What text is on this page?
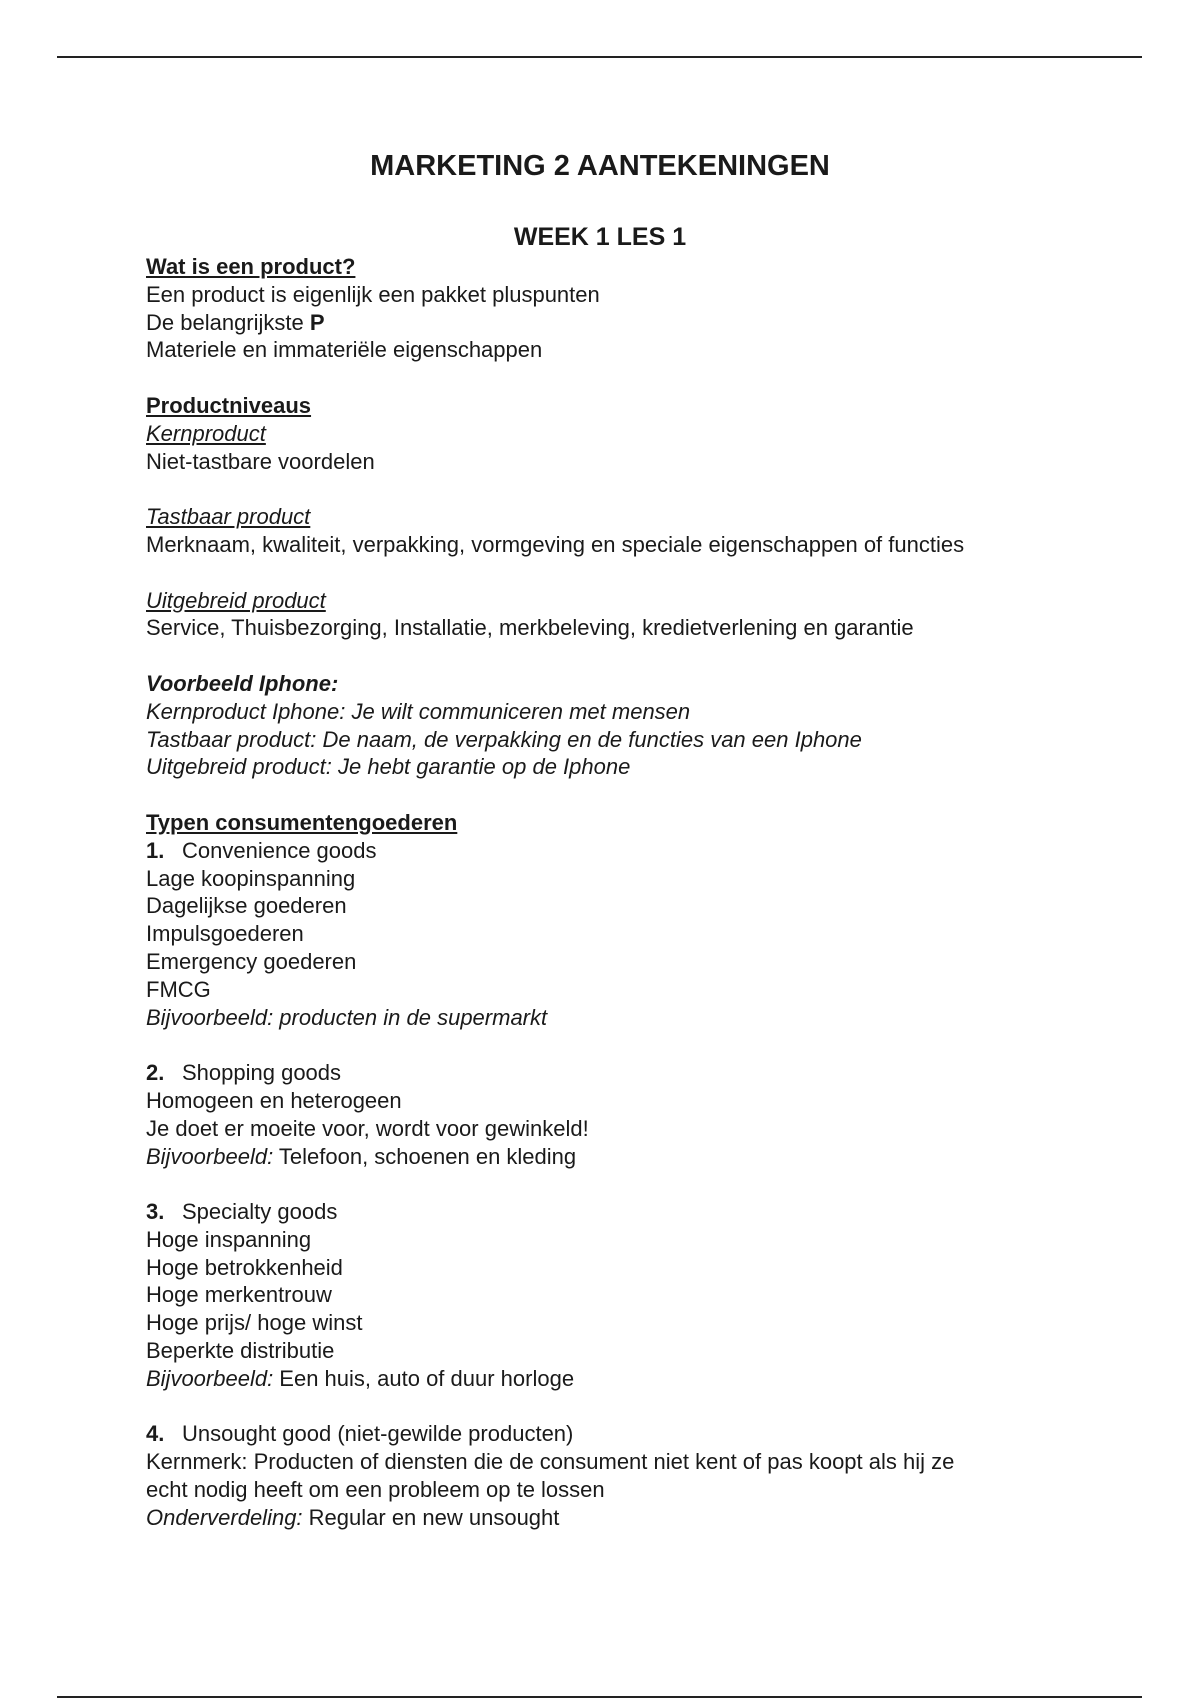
MARKETING 2 AANTEKENINGEN
WEEK 1 LES 1
Wat is een product?
Een product is eigenlijk een pakket pluspunten
De belangrijkste P
Materiele en immateriële eigenschappen
Productniveaus
Kernproduct
Niet-tastbare voordelen
Tastbaar product
Merknaam, kwaliteit, verpakking, vormgeving en speciale eigenschappen of functies
Uitgebreid product
Service, Thuisbezorging, Installatie, merkbeleving, kredietverlening en garantie
Voorbeeld Iphone:
Kernproduct Iphone: Je wilt communiceren met mensen
Tastbaar product: De naam, de verpakking en de functies van een Iphone
Uitgebreid product: Je hebt garantie op de Iphone
Typen consumentengoederen
1. Convenience goods
Lage koopinspanning
Dagelijkse goederen
Impulsgoederen
Emergency goederen
FMCG
Bijvoorbeeld: producten in de supermarkt
2. Shopping goods
Homogeen en heterogeen
Je doet er moeite voor, wordt voor gewinkeld!
Bijvoorbeeld: Telefoon, schoenen en kleding
3. Specialty goods
Hoge inspanning
Hoge betrokkenheid
Hoge merkentrouw
Hoge prijs/ hoge winst
Beperkte distributie
Bijvoorbeeld: Een huis, auto of duur horloge
4. Unsought good (niet-gewilde producten)
Kernmerk: Producten of diensten die de consument niet kent of pas koopt als hij ze
echt nodig heeft om een probleem op te lossen
Onderverdeling: Regular en new unsought
